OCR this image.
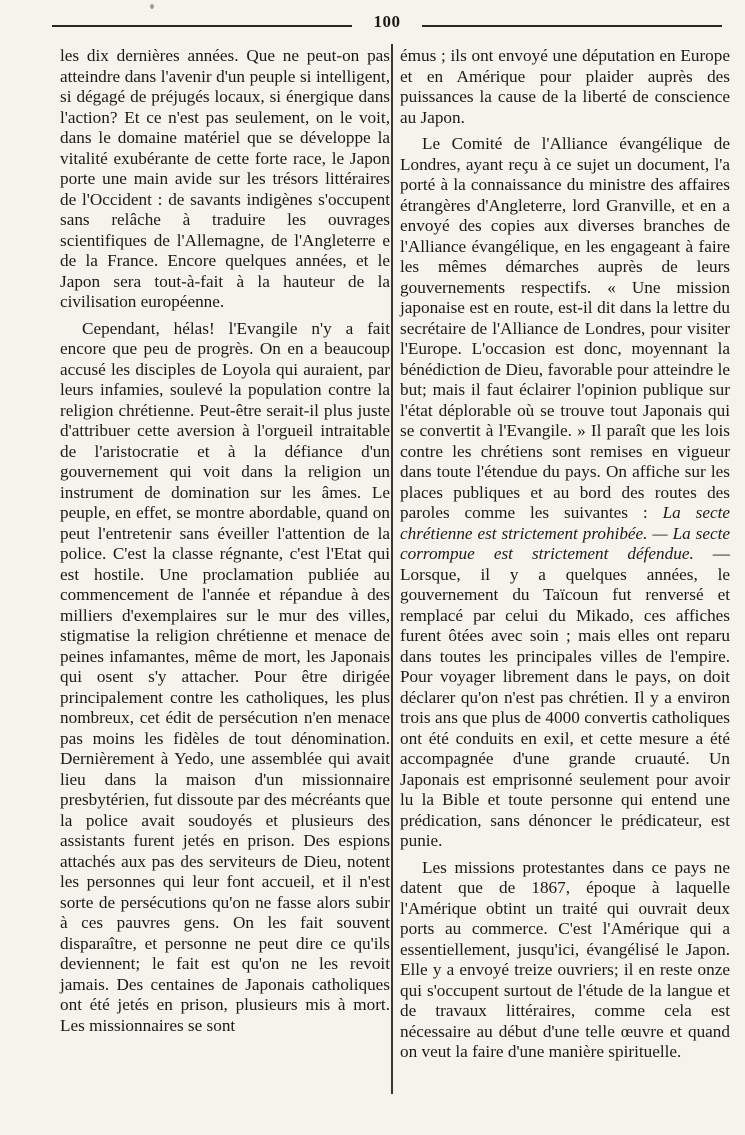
100

les dix dernières années. Que ne peut-on pas atteindre dans l'avenir d'un peuple si intelligent, si dégagé de préjugés locaux, si énergique dans l'action? Et ce n'est pas seulement, on le voit, dans le domaine matériel que se développe la vitalité exubérante de cette forte race, le Japon porte une main avide sur les trésors littéraires de l'Occident : de savants indigènes s'occupent sans relâche à traduire les ouvrages scientifiques de l'Allemagne, de l'Angleterre e de la France. Encore quelques années, et le Japon sera tout-à-fait à la hauteur de la civilisation européenne.

Cependant, hélas! l'Evangile n'y a fait encore que peu de progrès. On en a beaucoup accusé les disciples de Loyola qui auraient, par leurs infamies, soulevé la population contre la religion chrétienne. Peut-être serait-il plus juste d'attribuer cette aversion à l'orgueil intraitable de l'aristocratie et à la défiance d'un gouvernement qui voit dans la religion un instrument de domination sur les âmes. Le peuple, en effet, se montre abordable, quand on peut l'entretenir sans éveiller l'attention de la police. C'est la classe régnante, c'est l'Etat qui est hostile. Une proclamation publiée au commencement de l'année et répandue à des milliers d'exemplaires sur le mur des villes, stigmatise la religion chrétienne et menace de peines infamantes, même de mort, les Japonais qui osent s'y attacher. Pour être dirigée principalement contre les catholiques, les plus nombreux, cet édit de persécution n'en menace pas moins les fidèles de tout dénomination. Dernièrement à Yedo, une assemblée qui avait lieu dans la maison d'un missionnaire presbytérien, fut dissoute par des mécréants que la police avait soudoyés et plusieurs des assistants furent jetés en prison. Des espions attachés aux pas des serviteurs de Dieu, notent les personnes qui leur font accueil, et il n'est sorte de persécutions qu'on ne fasse alors subir à ces pauvres gens. On les fait souvent disparaître, et personne ne peut dire ce qu'ils deviennent; le fait est qu'on ne les revoit jamais. Des centaines de Japonais catholiques ont été jetés en prison, plusieurs mis à mort. Les missionnaires se sont

émus ; ils ont envoyé une députation en Europe et en Amérique pour plaider auprès des puissances la cause de la liberté de conscience au Japon.

Le Comité de l'Alliance évangélique de Londres, ayant reçu à ce sujet un document, l'a porté à la connaissance du ministre des affaires étrangères d'Angleterre, lord Granville, et en a envoyé des copies aux diverses branches de l'Alliance évangélique, en les engageant à faire les mêmes démarches auprès de leurs gouvernements respectifs. « Une mission japonaise est en route, est-il dit dans la lettre du secrétaire de l'Alliance de Londres, pour visiter l'Europe. L'occasion est donc, moyennant la bénédiction de Dieu, favorable pour atteindre le but; mais il faut éclairer l'opinion publique sur l'état déplorable où se trouve tout Japonais qui se convertit à l'Evangile. » Il paraît que les lois contre les chrétiens sont remises en vigueur dans toute l'étendue du pays. On affiche sur les places publiques et au bord des routes des paroles comme les suivantes : La secte chrétienne est strictement prohibée. — La secte corrompue est strictement défendue. — Lorsque, il y a quelques années, le gouvernement du Taïcoun fut renversé et remplacé par celui du Mikado, ces affiches furent ôtées avec soin ; mais elles ont reparu dans toutes les principales villes de l'empire. Pour voyager librement dans le pays, on doit déclarer qu'on n'est pas chrétien. Il y a environ trois ans que plus de 4000 convertis catholiques ont été conduits en exil, et cette mesure a été accompagnée d'une grande cruauté. Un Japonais est emprisonné seulement pour avoir lu la Bible et toute personne qui entend une prédication, sans dénoncer le prédicateur, est punie.

Les missions protestantes dans ce pays ne datent que de 1867, époque à laquelle l'Amérique obtint un traité qui ouvrait deux ports au commerce. C'est l'Amérique qui a essentiellement, jusqu'ici, évangélisé le Japon. Elle y a envoyé treize ouvriers; il en reste onze qui s'occupent surtout de l'étude de la langue et de travaux littéraires, comme cela est nécessaire au début d'une telle œuvre et quand on veut la faire d'une manière spirituelle.
